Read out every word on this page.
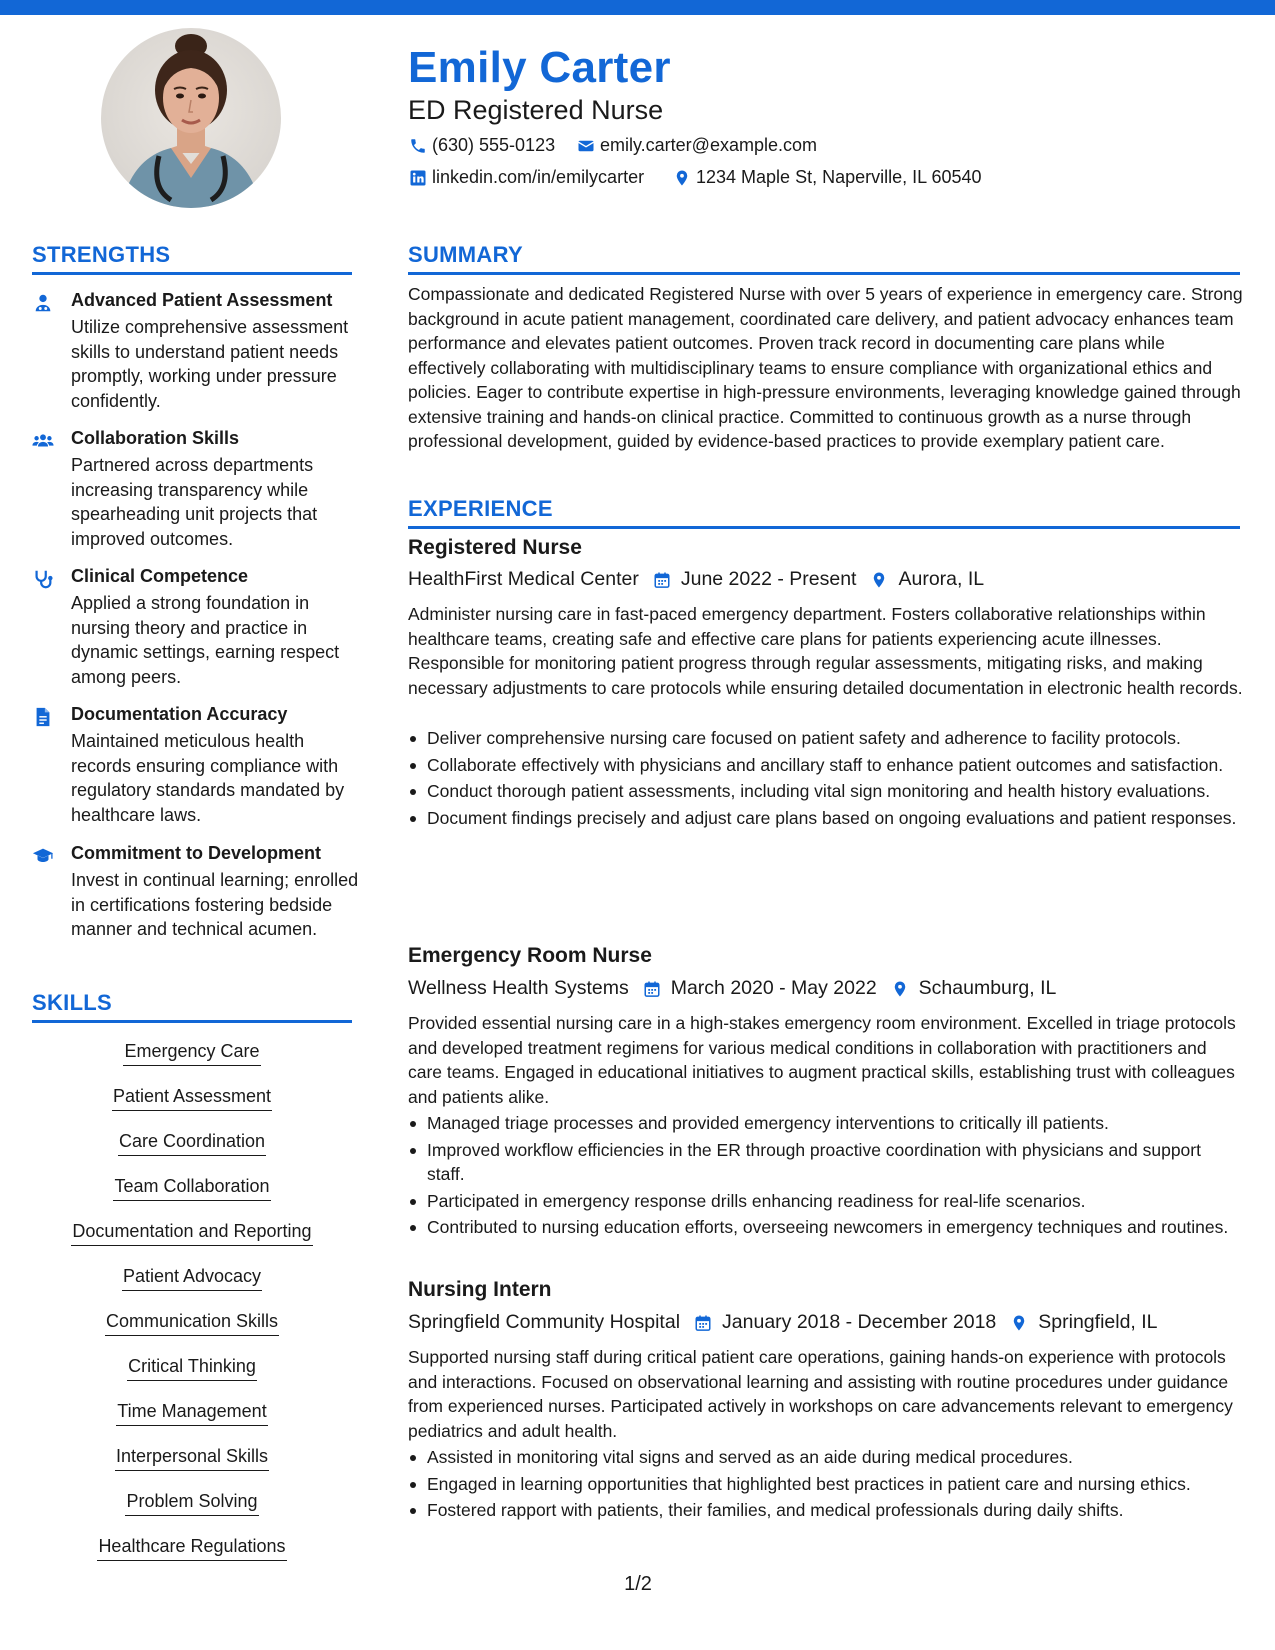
Emily Carter
ED Registered Nurse
(630) 555-0123 emily.carter@example.com
linkedin.com/in/emilycarter	1234 Maple St, Naperville, IL 60540
STRENGTHS
Advanced Patient Assessment
Utilize comprehensive assessment skills to understand patient needs promptly, working under pressure confidently.
Collaboration Skills
Partnered across departments increasing transparency while spearheading unit projects that improved outcomes.
Clinical Competence
Applied a strong foundation in nursing theory and practice in dynamic settings, earning respect among peers.
Documentation Accuracy
Maintained meticulous health records ensuring compliance with regulatory standards mandated by healthcare laws.
Commitment to Development
Invest in continual learning; enrolled in certifications fostering bedside manner and technical acumen.
SKILLS
Emergency Care
Patient Assessment
Care Coordination
Team Collaboration
Documentation and Reporting
Patient Advocacy
Communication Skills
Critical Thinking
Time Management
Interpersonal Skills
Problem Solving
Healthcare Regulations
SUMMARY
Compassionate and dedicated Registered Nurse with over 5 years of experience in emergency care. Strong background in acute patient management, coordinated care delivery, and patient advocacy enhances team performance and elevates patient outcomes. Proven track record in documenting care plans while effectively collaborating with multidisciplinary teams to ensure compliance with organizational ethics and policies. Eager to contribute expertise in high-pressure environments, leveraging knowledge gained through extensive training and hands-on clinical practice. Committed to continuous growth as a nurse through professional development, guided by evidence-based practices to provide exemplary patient care.
EXPERIENCE
Registered Nurse
HealthFirst Medical Center June 2022 - Present Aurora, IL
Administer nursing care in fast-paced emergency department. Fosters collaborative relationships within healthcare teams, creating safe and effective care plans for patients experiencing acute illnesses. Responsible for monitoring patient progress through regular assessments, mitigating risks, and making necessary adjustments to care protocols while ensuring detailed documentation in electronic health records.
Deliver comprehensive nursing care focused on patient safety and adherence to facility protocols.
Collaborate effectively with physicians and ancillary staff to enhance patient outcomes and satisfaction.
Conduct thorough patient assessments, including vital sign monitoring and health history evaluations.
Document findings precisely and adjust care plans based on ongoing evaluations and patient responses.
Emergency Room Nurse
Wellness Health Systems March 2020 - May 2022 Schaumburg, IL
Provided essential nursing care in a high-stakes emergency room environment. Excelled in triage protocols and developed treatment regimens for various medical conditions in collaboration with practitioners and care teams. Engaged in educational initiatives to augment practical skills, establishing trust with colleagues and patients alike.
Managed triage processes and provided emergency interventions to critically ill patients.
Improved workflow efficiencies in the ER through proactive coordination with physicians and support staff.
Participated in emergency response drills enhancing readiness for real-life scenarios.
Contributed to nursing education efforts, overseeing newcomers in emergency techniques and routines.
Nursing Intern
Springfield Community Hospital January 2018 - December 2018 Springfield, IL
Supported nursing staff during critical patient care operations, gaining hands-on experience with protocols and interactions. Focused on observational learning and assisting with routine procedures under guidance from experienced nurses. Participated actively in workshops on care advancements relevant to emergency pediatrics and adult health.
Assisted in monitoring vital signs and served as an aide during medical procedures.
Engaged in learning opportunities that highlighted best practices in patient care and nursing ethics.
Fostered rapport with patients, their families, and medical professionals during daily shifts.
1/2
